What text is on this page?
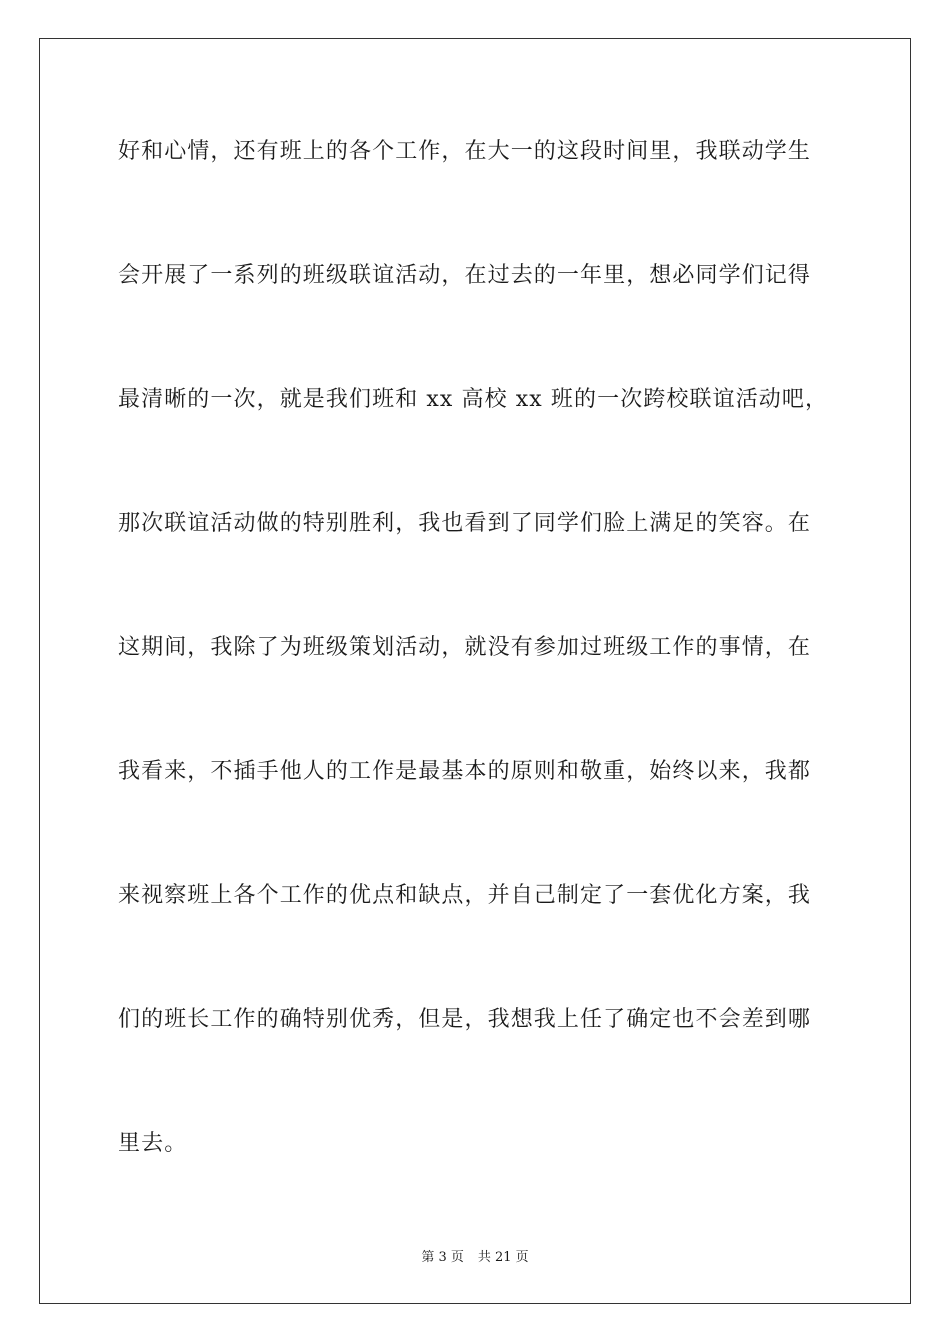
好和心情，还有班上的各个工作，在大一的这段时间里，我联动学生
会开展了一系列的班级联谊活动，在过去的一年里，想必同学们记得
最清晰的一次，就是我们班和 xx 高校 xx 班的一次跨校联谊活动吧，
那次联谊活动做的特别胜利，我也看到了同学们脸上满足的笑容。在
这期间，我除了为班级策划活动，就没有参加过班级工作的事情，在
我看来，不插手他人的工作是最基本的原则和敬重，始终以来，我都
来视察班上各个工作的优点和缺点，并自己制定了一套优化方案，我
们的班长工作的确特别优秀，但是，我想我上任了确定也不会差到哪
里去。
第 3 页 共 21 页
